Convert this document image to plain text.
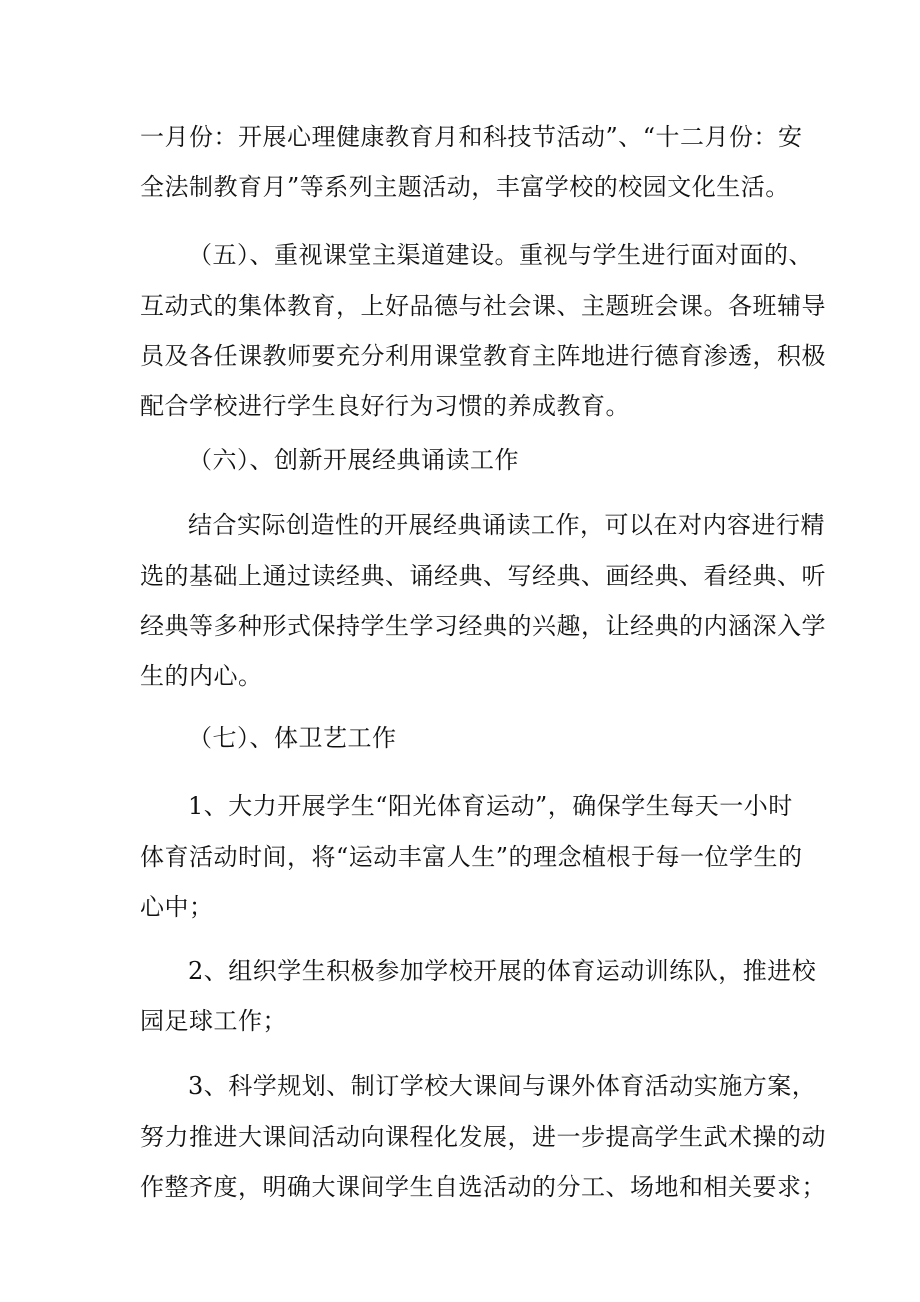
一月份：开展心理健康教育月和科技节活动”、“十二月份：安
全法制教育月”等系列主题活动，丰富学校的校园文化生活。
（五）、重视课堂主渠道建设。重视与学生进行面对面的、
互动式的集体教育，上好品德与社会课、主题班会课。各班辅导
员及各任课教师要充分利用课堂教育主阵地进行德育渗透，积极
配合学校进行学生良好行为习惯的养成教育。
（六）、创新开展经典诵读工作
结合实际创造性的开展经典诵读工作，可以在对内容进行精
选的基础上通过读经典、诵经典、写经典、画经典、看经典、听
经典等多种形式保持学生学习经典的兴趣，让经典的内涵深入学
生的内心。
（七）、体卫艺工作
1、大力开展学生“阳光体育运动”，确保学生每天一小时
体育活动时间，将“运动丰富人生”的理念植根于每一位学生的
心中；
2、组织学生积极参加学校开展的体育运动训练队，推进校
园足球工作；
3、科学规划、制订学校大课间与课外体育活动实施方案，
努力推进大课间活动向课程化发展，进一步提高学生武术操的动
作整齐度，明确大课间学生自选活动的分工、场地和相关要求；
